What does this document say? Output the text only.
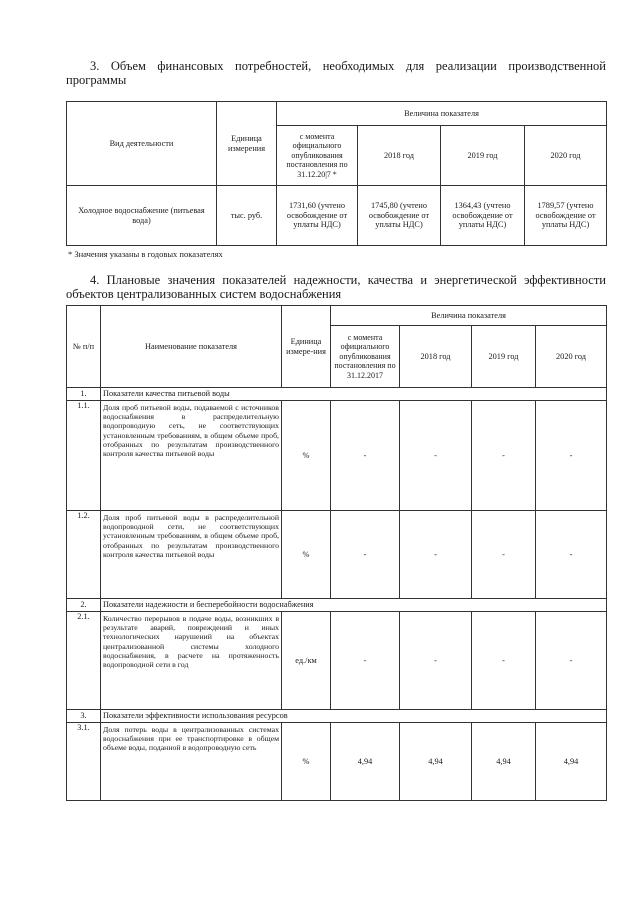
3. Объем финансовых потребностей, необходимых для реализации производственной программы
Вид деятельности	Единица измерения	Величина показателя			
		с момента официального опубликования постановления по 31.12.20|7 *	2018 год	2019 год	2020 год
Холодное водоснабжение (питьевая вода)	тыс. руб.	1731,60 (учтено освобождение от уплаты НДС)	1745,80 (учтено освобождение от уплаты НДС)	1364,43 (учтено освобождение от уплаты НДС)	1789,57 (учтено освобождение от уплаты НДС)
* Значения указаны в годовых показателях
4. Плановые значения показателей надежности, качества и энергетической эффективности объектов централизованных систем водоснабжения
№ п/п	Наименование показателя	Единица измере-ния	Величина показателя			
			с момента официального опубликования постановления по 31.12.2017	2018 год	2019 год	2020 год
1.	Показатели качества питьевой воды					
1.1.	Доля проб питьевой воды, подаваемой с источников водоснабжения в распределительную водопроводную сеть, не соответствующих установленным требованиям, в общем объеме проб, отобранных по результатам производственного контроля качества питьевой воды	%	-	-	-	-
1.2.	Доля проб питьевой воды в распределительной водопроводной сети, не соответствующих установленным требованиям, в общем объеме проб, отобранных по результатам производственного контроля качества питьевой воды	%	-	-	-	-
2.	Показатели надежности и бесперебойности водоснабжения					
2.1.	Количество перерывов в подаче воды, возникших в результате аварий, повреждений и иных технологических нарушений на объектах централизованной системы холодного водоснабжения, в расчете на протяженность водопроводной сети в год	ед./км	-	-	-	-
3.	Показатели эффективности использования ресурсов					
3.1.	Доля потерь воды в централизованных системах водоснабжения при ее транспортировке в общем объеме воды, поданной в водопроводную сеть	%	4,94	4,94	4,94	4,94
